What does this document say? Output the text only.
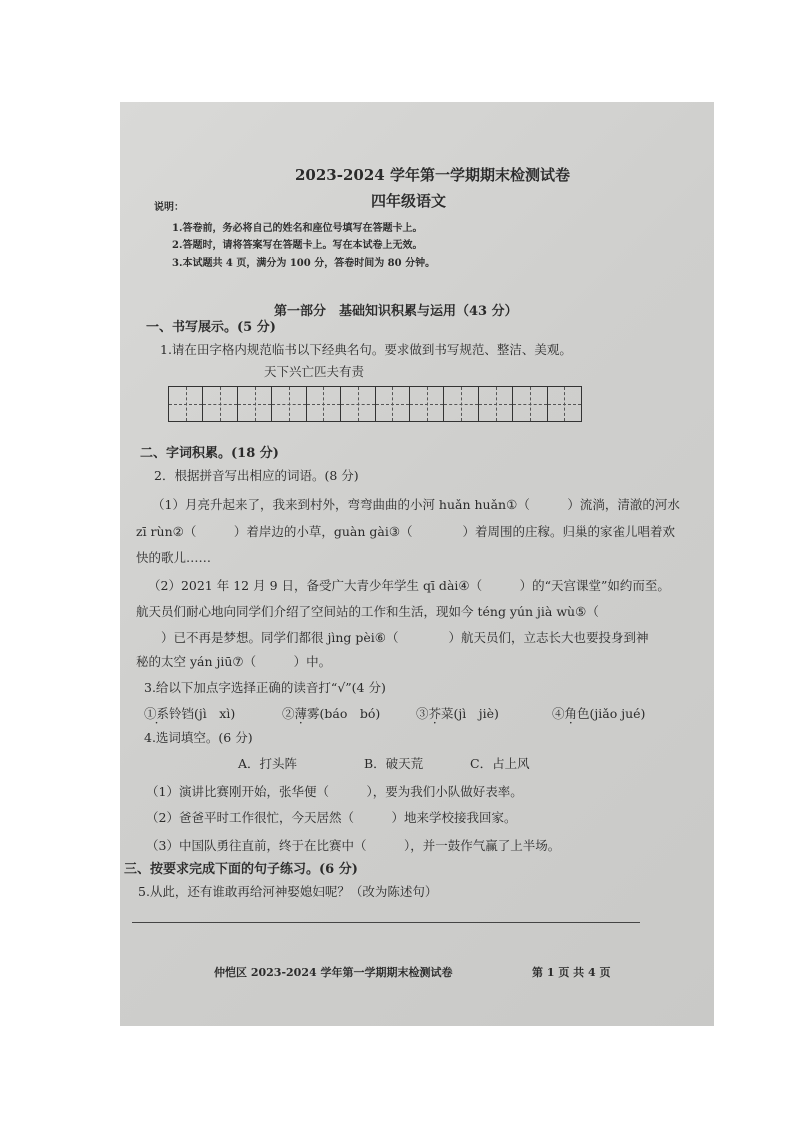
2023-2024 学年第一学期期末检测试卷
四年级语文
说明：
1.答卷前，务必将自己的姓名和座位号填写在答题卡上。
2.答题时，请将答案写在答题卡上。写在本试卷上无效。
3.本试题共 4 页，满分为 100 分，答卷时间为 80 分钟。
第一部分　基础知识积累与运用（43 分）
一、书写展示。(5 分)
1.请在田字格内规范临书以下经典名句。要求做到书写规范、整洁、美观。
天下兴亡匹夫有责
二、字词积累。(18 分)
2．根据拼音写出相应的词语。(8 分)
（1）月亮升起来了，我来到村外，弯弯曲曲的小河 huǎn huǎn①（　　　）流淌，清澈的河水
zī rùn②（　　　）着岸边的小草，guàn gài③（　　　　）着周围的庄稼。归巢的家雀儿唱着欢
快的歌儿……
（2）2021 年 12 月 9 日，备受广大青少年学生 qī dài④（　　　）的“天宫课堂”如约而至。
航天员们耐心地向同学们介绍了空间站的工作和生活，现如今 téng yún jià wù⑤（
　　）已不再是梦想。同学们都很 jìng pèi⑥（　　　　）航天员们，立志长大也要投身到神
秘的太空 yán jiū⑦（　　　）中。
3.给以下加点字选择正确的读音打“√”(4 分)
①系 ·铃铛(jì　xì)	②薄雾(báo　bó)	③芥菜(jì　jiè)	④角色(jiǎo jué)
4.选词填空。(6 分)
A．打头阵	B．破天荒	C．占上风
（1）演讲比赛刚开始，张华便（　　　），要为我们小队做好表率。
（2）爸爸平时工作很忙，今天居然（　　　）地来学校接我回家。
（3）中国队勇往直前，终于在比赛中（　　　），并一鼓作气赢了上半场。
三、按要求完成下面的句子练习。(6 分)
5.从此，还有谁敢再给河神娶媳妇呢？（改为陈述句）
仲恺区 2023-2024 学年第一学期期末检测试卷	第 1 页 共 4 页
